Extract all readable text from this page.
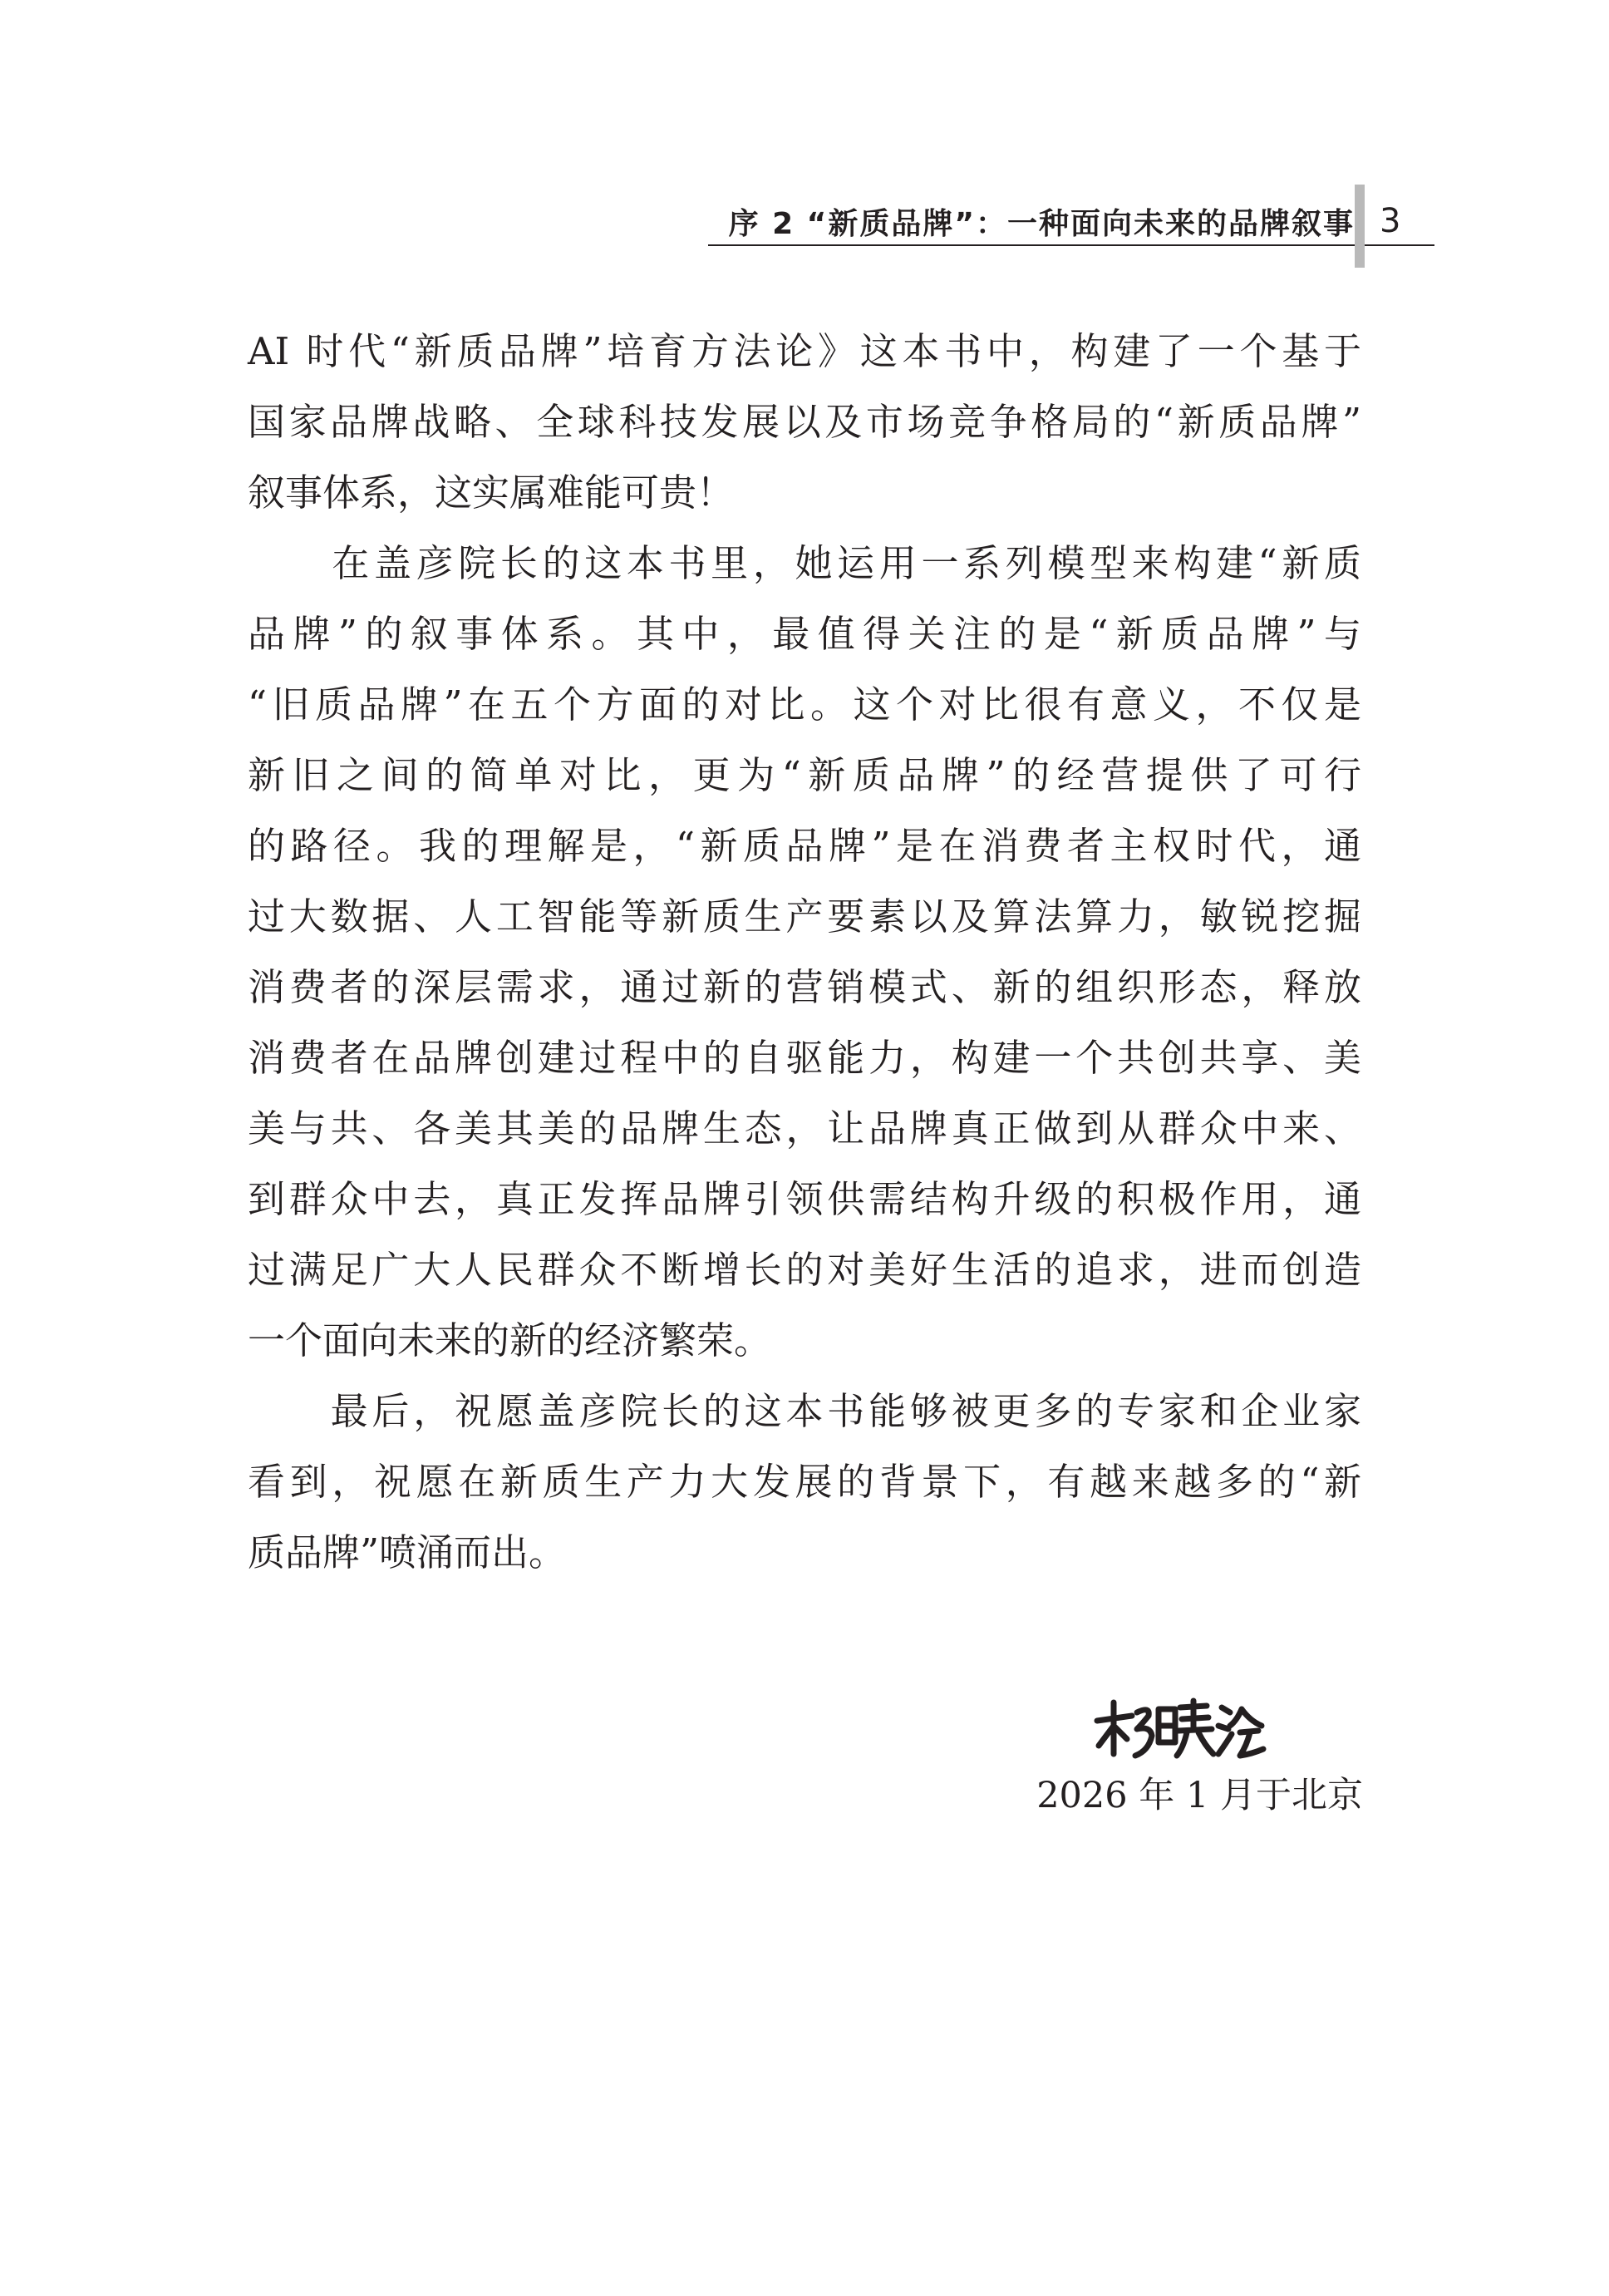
序 2 “新质品牌”：一种面向未来的品牌叙事 3
AI 时代“新质品牌”培育方法论》这本书中，构建了一个基于
国家品牌战略、全球科技发展以及市场竞争格局的“新质品牌”
叙事体系，这实属难能可贵！
　　在盖彦院长的这本书里，她运用一系列模型来构建“新质
品牌”的叙事体系。其中，最值得关注的是“新质品牌”与
“旧质品牌”在五个方面的对比。这个对比很有意义，不仅是
新旧之间的简单对比，更为“新质品牌”的经营提供了可行
的路径。我的理解是，“新质品牌”是在消费者主权时代，通
过大数据、人工智能等新质生产要素以及算法算力，敏锐挖掘
消费者的深层需求，通过新的营销模式、新的组织形态，释放
消费者在品牌创建过程中的自驱能力，构建一个共创共享、美
美与共、各美其美的品牌生态，让品牌真正做到从群众中来、
到群众中去，真正发挥品牌引领供需结构升级的积极作用，通
过满足广大人民群众不断增长的对美好生活的追求，进而创造
一个面向未来的新的经济繁荣。
　　最后，祝愿盖彦院长的这本书能够被更多的专家和企业家
看到，祝愿在新质生产力大发展的背景下，有越来越多的“新
质品牌”喷涌而出。
2026 年 1 月于北京
